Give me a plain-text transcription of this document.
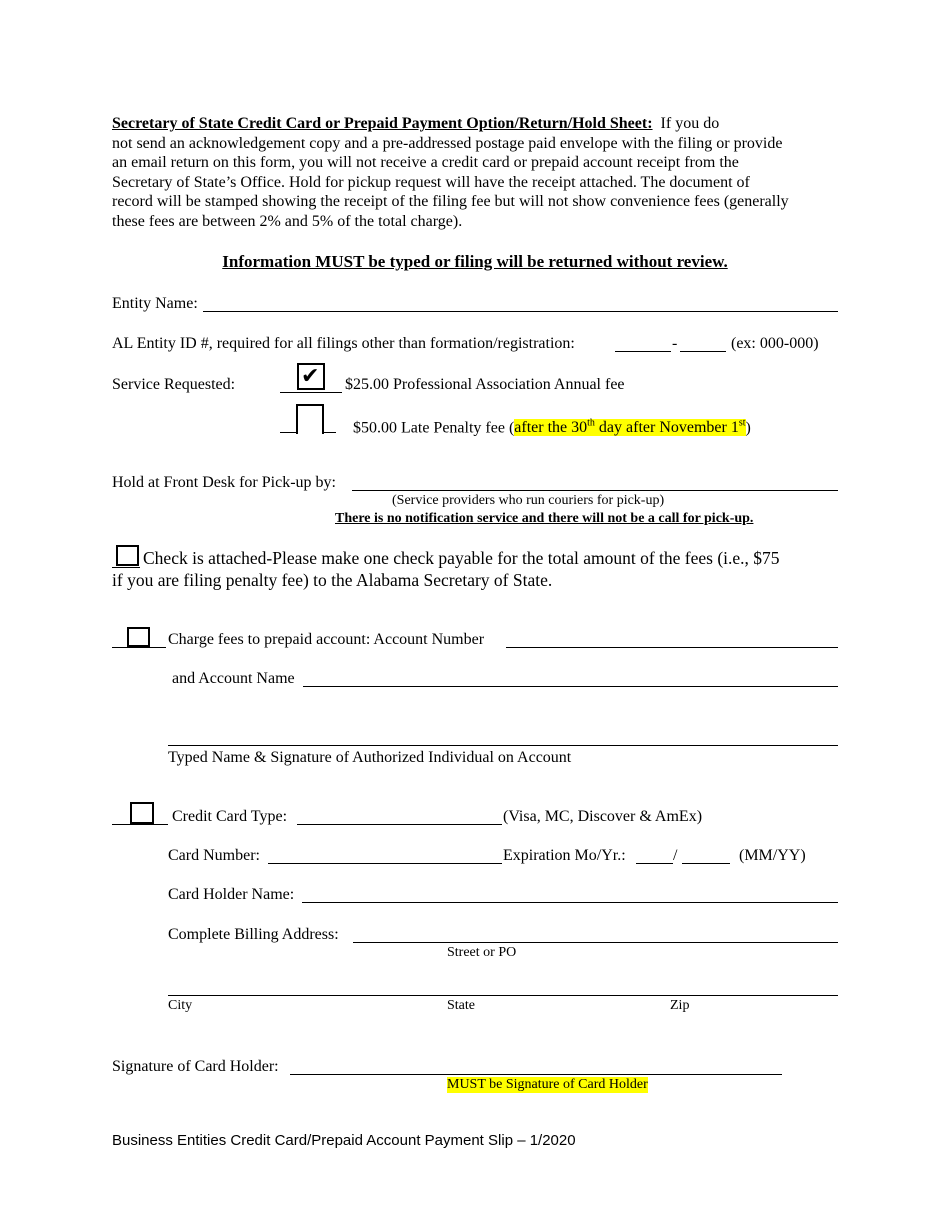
Secretary of State Credit Card or Prepaid Payment Option/Return/Hold Sheet: If you do
not send an acknowledgement copy and a pre-addressed postage paid envelope with the filing or provide
an email return on this form, you will not receive a credit card or prepaid account receipt from the
Secretary of State’s Office. Hold for pickup request will have the receipt attached. The document of
record will be stamped showing the receipt of the filing fee but will not show convenience fees (generally
these fees are between 2% and 5% of the total charge).
Information MUST be typed or filing will be returned without review.
Entity Name:
AL Entity ID #, required for all filings other than formation/registration:	-	(ex: 000-000)
Service Requested:	✔ $25.00 Professional Association Annual fee
$50.00 Late Penalty fee (after the 30th day after November 1st)
Hold at Front Desk for Pick-up by:
(Service providers who run couriers for pick-up)
There is no notification service and there will not be a call for pick-up.
Check is attached-Please make one check payable for the total amount of the fees (i.e., $75
if you are filing penalty fee) to the Alabama Secretary of State.
Charge fees to prepaid account: Account Number
and Account Name
Typed Name & Signature of Authorized Individual on Account
Credit Card Type:	(Visa, MC, Discover & AmEx)
Card Number:	Expiration Mo/Yr.:	/	(MM/YY)
Card Holder Name:
Complete Billing Address:
Street or PO
City	State	Zip
Signature of Card Holder:
MUST be Signature of Card Holder
Business Entities Credit Card/Prepaid Account Payment Slip – 1/2020
